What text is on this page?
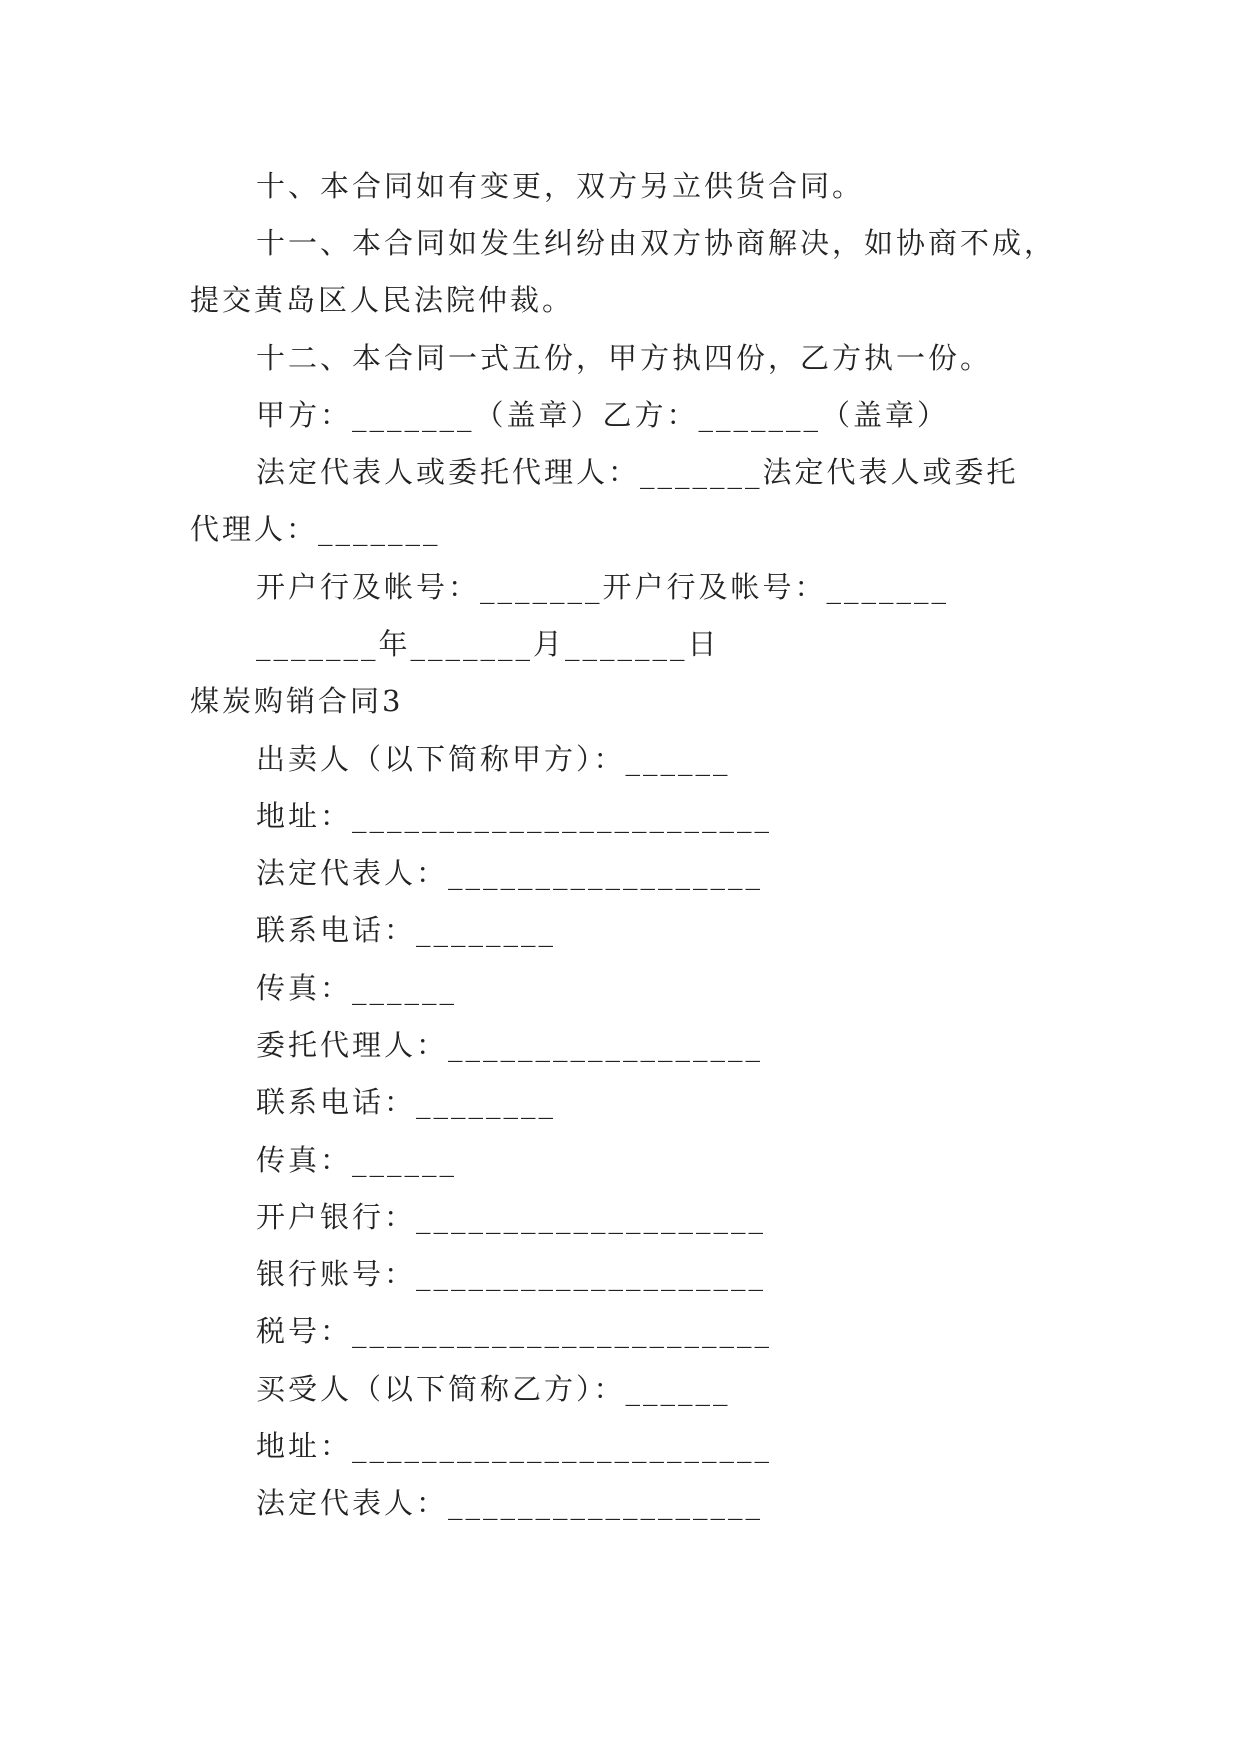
十、本合同如有变更，双方另立供货合同。
十一、本合同如发生纠纷由双方协商解决，如协商不成，
提交黄岛区人民法院仲裁。
十二、本合同一式五份，甲方执四份，乙方执一份。
甲方：_______（盖章）乙方：_______（盖章）
法定代表人或委托代理人：_______法定代表人或委托
代理人：_______
开户行及帐号：_______开户行及帐号：_______
_______年_______月_______日
煤炭购销合同3
出卖人（以下简称甲方）：______
地址：________________________
法定代表人：__________________
联系电话：________
传真：______
委托代理人：__________________
联系电话：________
传真：______
开户银行：____________________
银行账号：____________________
税号：________________________
买受人（以下简称乙方）：______
地址：________________________
法定代表人：__________________
